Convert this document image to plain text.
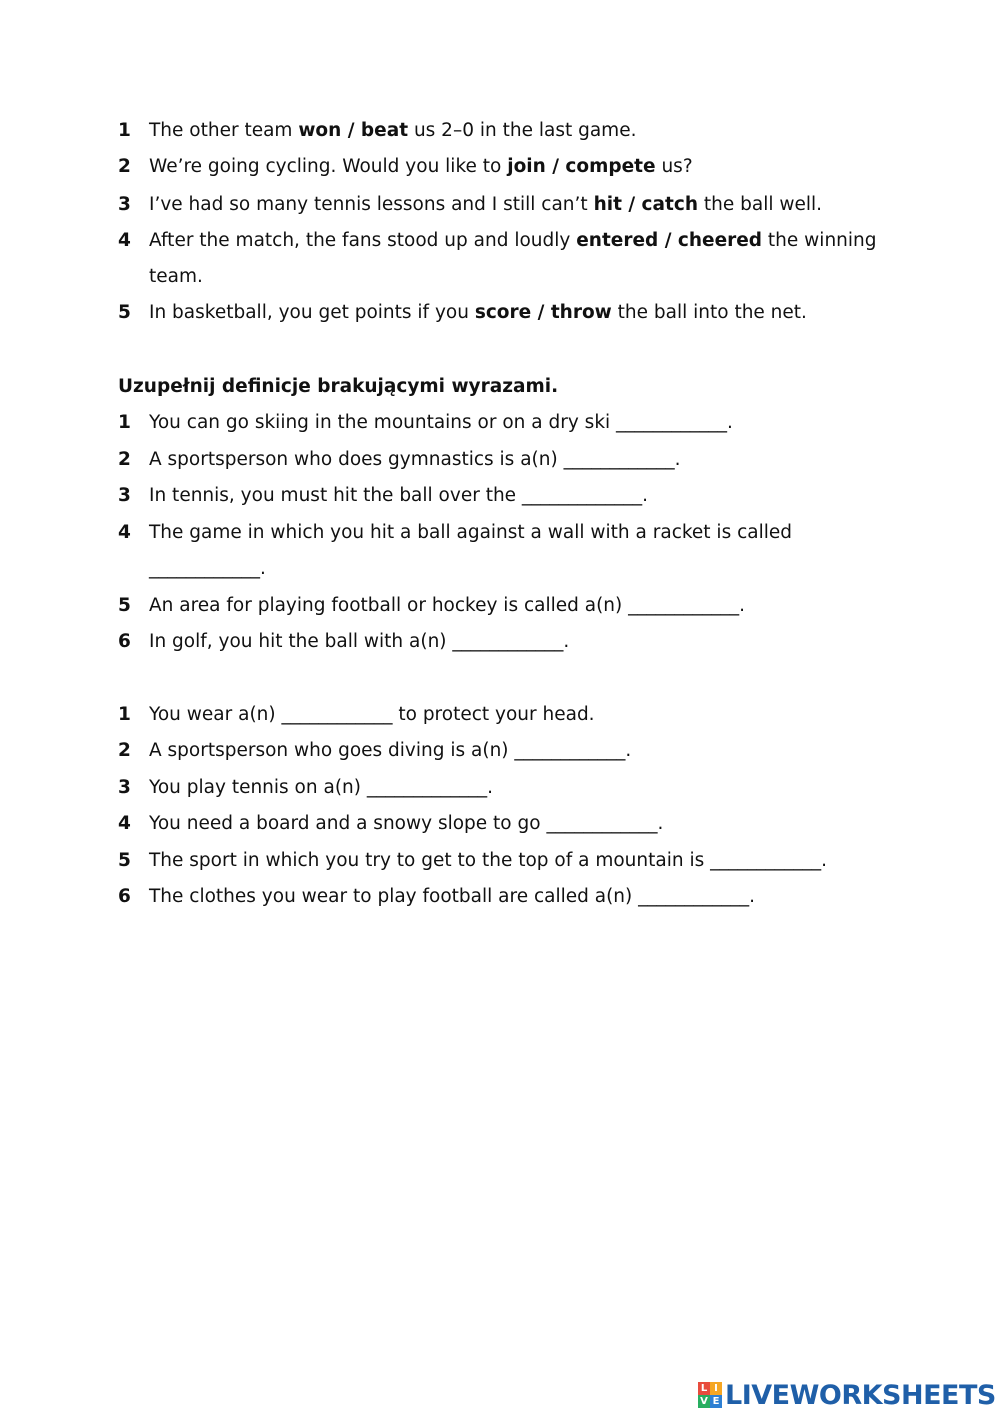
1 The other team won / beat us 2–0 in the last game.
2 We’re going cycling. Would you like to join / compete us?
3 I’ve had so many tennis lessons and I still can’t hit / catch the ball well.
4 After the match, the fans stood up and loudly entered / cheered the winning
team.
5 In basketball, you get points if you score / throw the ball into the net.
Uzupełnij definicje brakującymi wyrazami.
1 You can go skiing in the mountains or on a dry ski ____________.
2 A sportsperson who does gymnastics is a(n) ____________.
3 In tennis, you must hit the ball over the _____________.
4 The game in which you hit a ball against a wall with a racket is called
____________.
5 An area for playing football or hockey is called a(n) ____________.
6 In golf, you hit the ball with a(n) ____________.
1 You wear a(n) ____________ to protect your head.
2 A sportsperson who goes diving is a(n) ____________.
3 You play tennis on a(n) _____________.
4 You need a board and a snowy slope to go ____________.
5 The sport in which you try to get to the top of a mountain is ____________.
6 The clothes you wear to play football are called a(n) ____________.
L I
V E LIVEWORKSHEETS
